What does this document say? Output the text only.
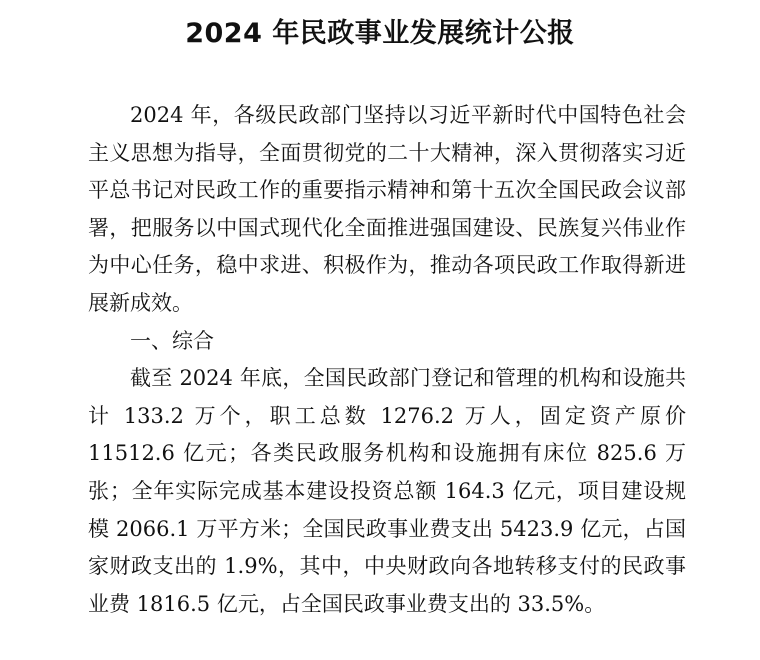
2024 年民政事业发展统计公报

2024 年，各级民政部门坚持以习近平新时代中国特色社会主义思想为指导，全面贯彻党的二十大精神，深入贯彻落实习近平总书记对民政工作的重要指示精神和第十五次全国民政会议部署，把服务以中国式现代化全面推进强国建设、民族复兴伟业作为中心任务，稳中求进、积极作为，推动各项民政工作取得新进展新成效。

一、综合

截至 2024 年底，全国民政部门登记和管理的机构和设施共计 133.2 万个，职工总数 1276.2 万人，固定资产原价 11512.6 亿元；各类民政服务机构和设施拥有床位 825.6 万张；全年实际完成基本建设投资总额 164.3 亿元，项目建设规模 2066.1 万平方米；全国民政事业费支出 5423.9 亿元，占国家财政支出的 1.9%，其中，中央财政向各地转移支付的民政事业费 1816.5 亿元，占全国民政事业费支出的 33.5%。
